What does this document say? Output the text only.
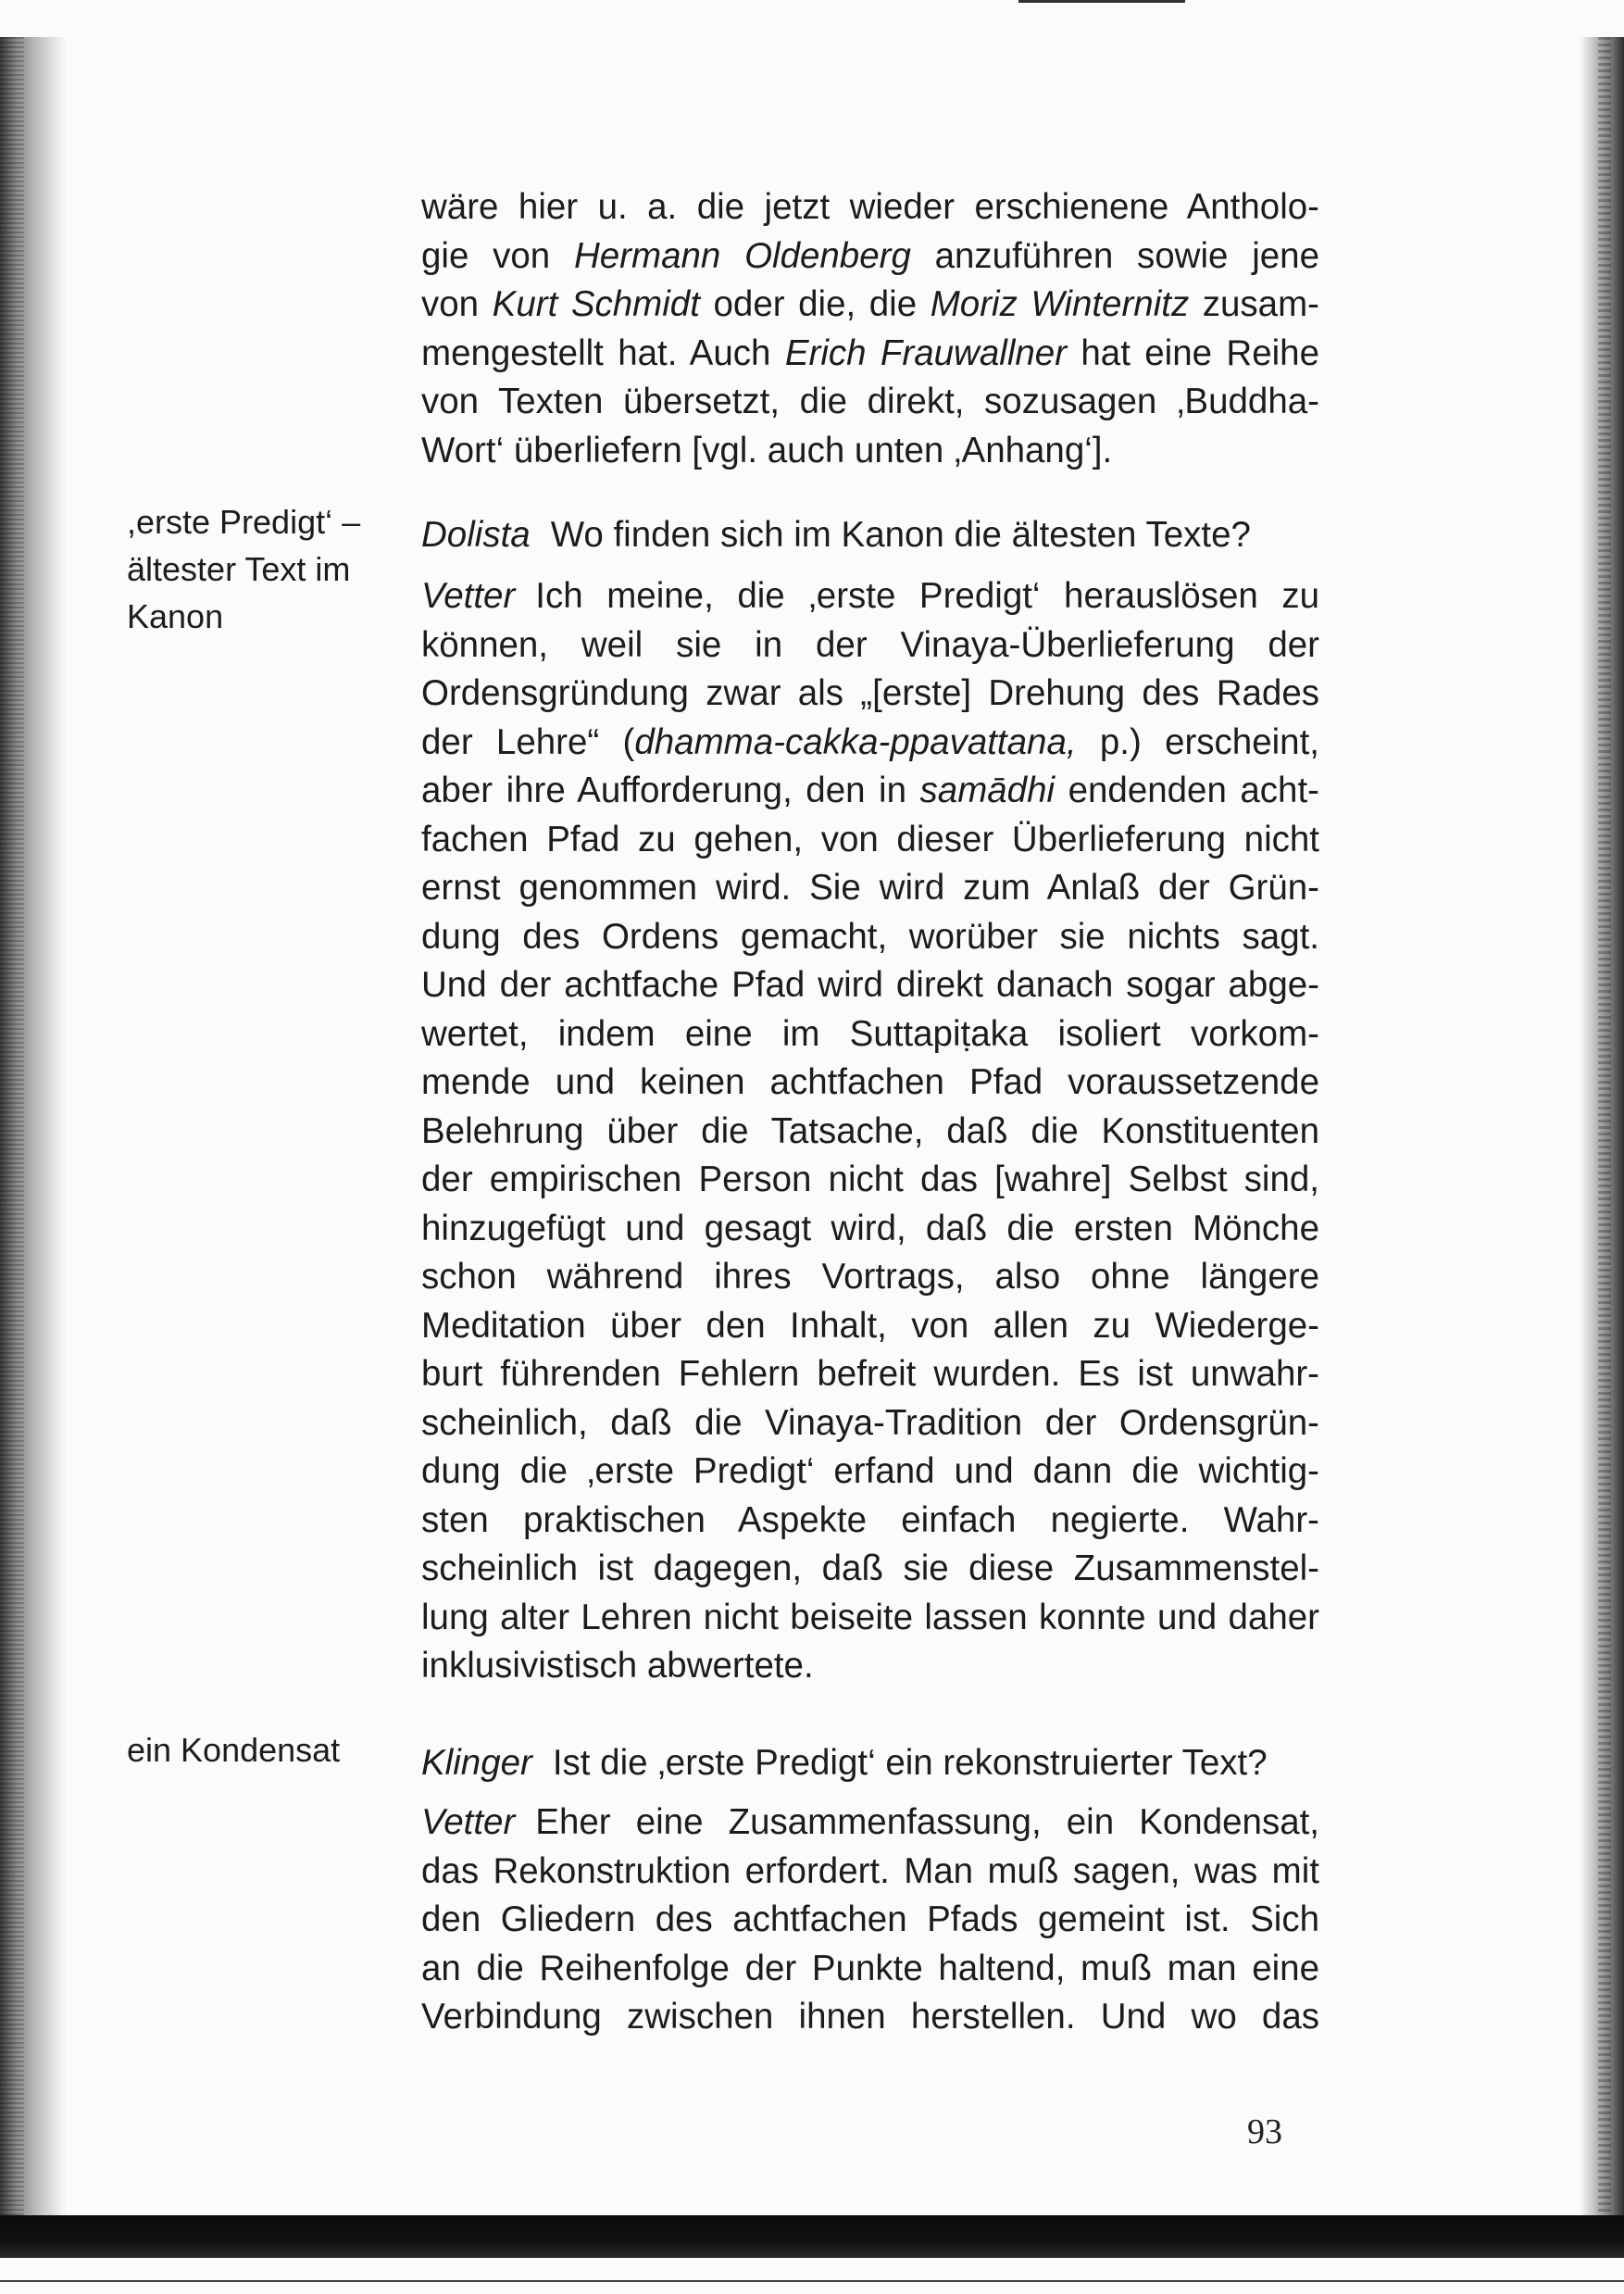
,erste Predigt‘ –
ältester Text im
Kanon
ein Kondensat
wäre hier u. a. die jetzt wieder erschienene Antholo-
gie von Hermann Oldenberg anzuführen sowie jene
von Kurt Schmidt oder die, die Moriz Winternitz zusam-
mengestellt hat. Auch Erich Frauwallner hat eine Reihe
von Texten übersetzt, die direkt, sozusagen ‚Buddha-
Wort‘ überliefern [vgl. auch unten ‚Anhang‘].
Dolista Wo finden sich im Kanon die ältesten Texte?
Vetter Ich meine, die ‚erste Predigt‘ herauslösen zu
können, weil sie in der Vinaya-Überlieferung der
Ordensgründung zwar als „[erste] Drehung des Rades
der Lehre“ (dhamma-cakka-ppavattana, p.) erscheint,
aber ihre Aufforderung, den in samādhi endenden acht-
fachen Pfad zu gehen, von dieser Überlieferung nicht
ernst genommen wird. Sie wird zum Anlaß der Grün-
dung des Ordens gemacht, worüber sie nichts sagt.
Und der achtfache Pfad wird direkt danach sogar abge-
wertet, indem eine im Suttapiṭaka isoliert vorkom-
mende und keinen achtfachen Pfad voraussetzende
Belehrung über die Tatsache, daß die Konstituenten
der empirischen Person nicht das [wahre] Selbst sind,
hinzugefügt und gesagt wird, daß die ersten Mönche
schon während ihres Vortrags, also ohne längere
Meditation über den Inhalt, von allen zu Wiederge-
burt führenden Fehlern befreit wurden. Es ist unwahr-
scheinlich, daß die Vinaya-Tradition der Ordensgrün-
dung die ‚erste Predigt‘ erfand und dann die wichtig-
sten praktischen Aspekte einfach negierte. Wahr-
scheinlich ist dagegen, daß sie diese Zusammenstel-
lung alter Lehren nicht beiseite lassen konnte und daher
inklusivistisch abwertete.
Klinger Ist die ‚erste Predigt‘ ein rekonstruierter Text?
Vetter Eher eine Zusammenfassung, ein Kondensat,
das Rekonstruktion erfordert. Man muß sagen, was mit
den Gliedern des achtfachen Pfads gemeint ist. Sich
an die Reihenfolge der Punkte haltend, muß man eine
Verbindung zwischen ihnen herstellen. Und wo das
93
